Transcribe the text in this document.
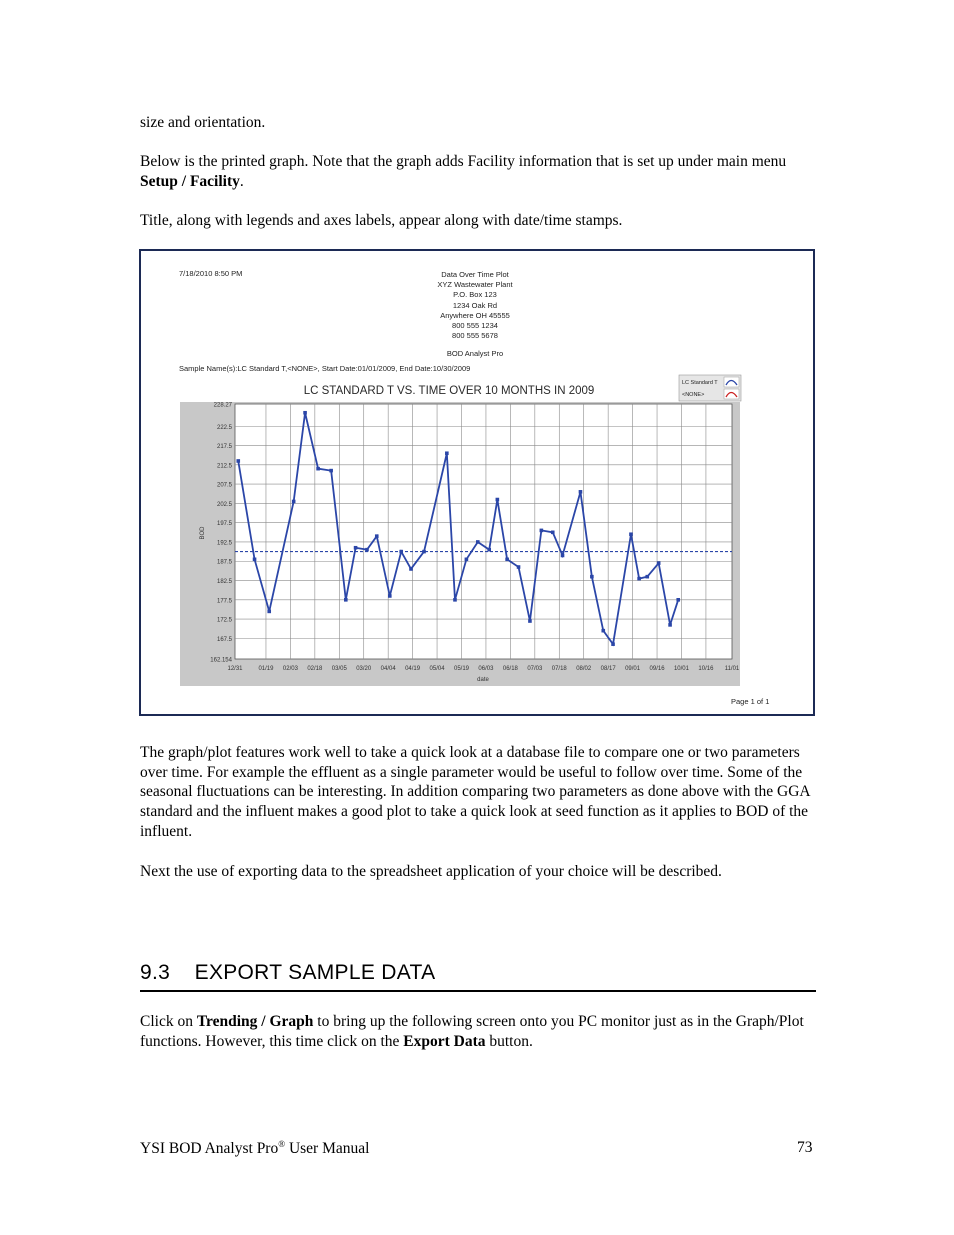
size and orientation.

Below is the printed graph. Note that the graph adds Facility information that is set up under main menu Setup / Facility.

Title, along with legends and axes labels, appear along with date/time stamps.

7/18/2010 8:50 PM	Data Over Time Plot
XYZ Wastewater Plant
P.O. Box 123
1234 Oak Rd
Anywhere OH 45555
800 555 1234
800 555 5678
BOD Analyst Pro
Sample Name(s):LC Standard T,<NONE>, Start Date:01/01/2009, End Date:10/30/2009
Page 1 of 1
LC STANDARD T VS. TIME OVER 10 MONTHS IN 2009
228.27
222.5
217.5
212.5
207.5
202.5
197.5
192.5
187.5
182.5
177.5
172.5
167.5
162.154
12/31	01/19 02/03 02/18 03/05 03/20 04/04 04/19 05/04 05/19 06/03 06/18 07/03 07/18 08/02 08/17 09/01 09/16 10/01 10/16 11/01
date
BOD
LC Standard T
<NONE>

The graph/plot features work well to take a quick look at a database file to compare one or two parameters over time. For example the effluent as a single parameter would be useful to follow over time. Some of the seasonal fluctuations can be interesting. In addition comparing two parameters as done above with the GGA standard and the influent makes a good plot to take a quick look at seed function as it applies to BOD of the influent.

Next the use of exporting data to the spreadsheet application of your choice will be described.

9.3    EXPORT SAMPLE DATA

Click on Trending / Graph to bring up the following screen onto you PC monitor just as in the Graph/Plot functions. However, this time click on the Export Data button.

YSI BOD Analyst Pro® User Manual	73
